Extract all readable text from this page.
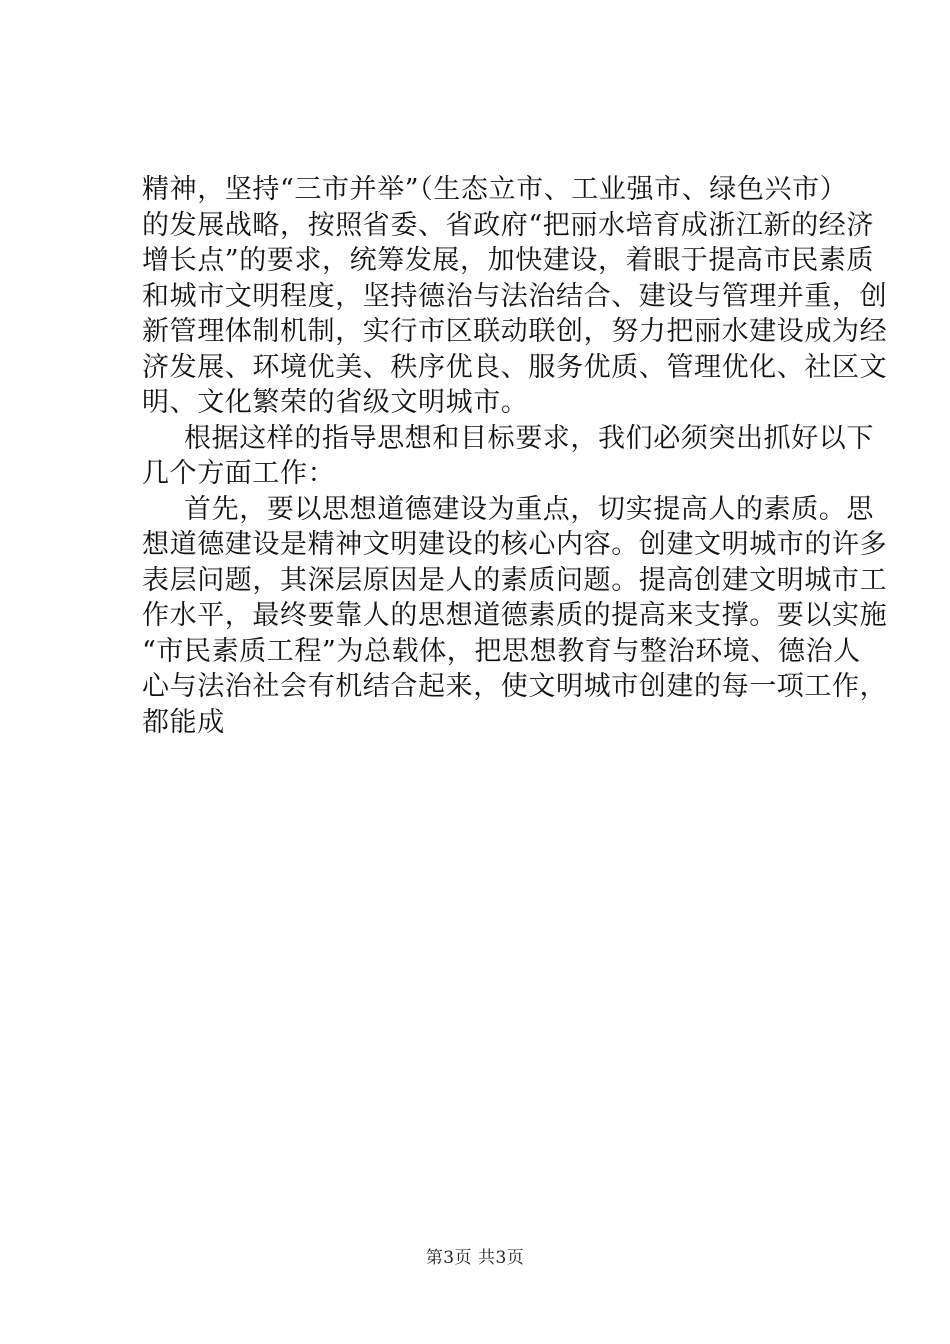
精神，坚持“三市并举”（生态立市、工业强市、绿色兴市）
的发展战略，按照省委、省政府“把丽水培育成浙江新的经济
增长点”的要求，统筹发展，加快建设，着眼于提高市民素质
和城市文明程度，坚持德治与法治结合、建设与管理并重，创
新管理体制机制，实行市区联动联创，努力把丽水建设成为经
济发展、环境优美、秩序优良、服务优质、管理优化、社区文
明、文化繁荣的省级文明城市。
根据这样的指导思想和目标要求，我们必须突出抓好以下
几个方面工作：
首先，要以思想道德建设为重点，切实提高人的素质。思
想道德建设是精神文明建设的核心内容。创建文明城市的许多
表层问题，其深层原因是人的素质问题。提高创建文明城市工
作水平，最终要靠人的思想道德素质的提高来支撑。要以实施
“市民素质工程”为总载体，把思想教育与整治环境、德治人
心与法治社会有机结合起来，使文明城市创建的每一项工作，
都能成
第3页 共3页
